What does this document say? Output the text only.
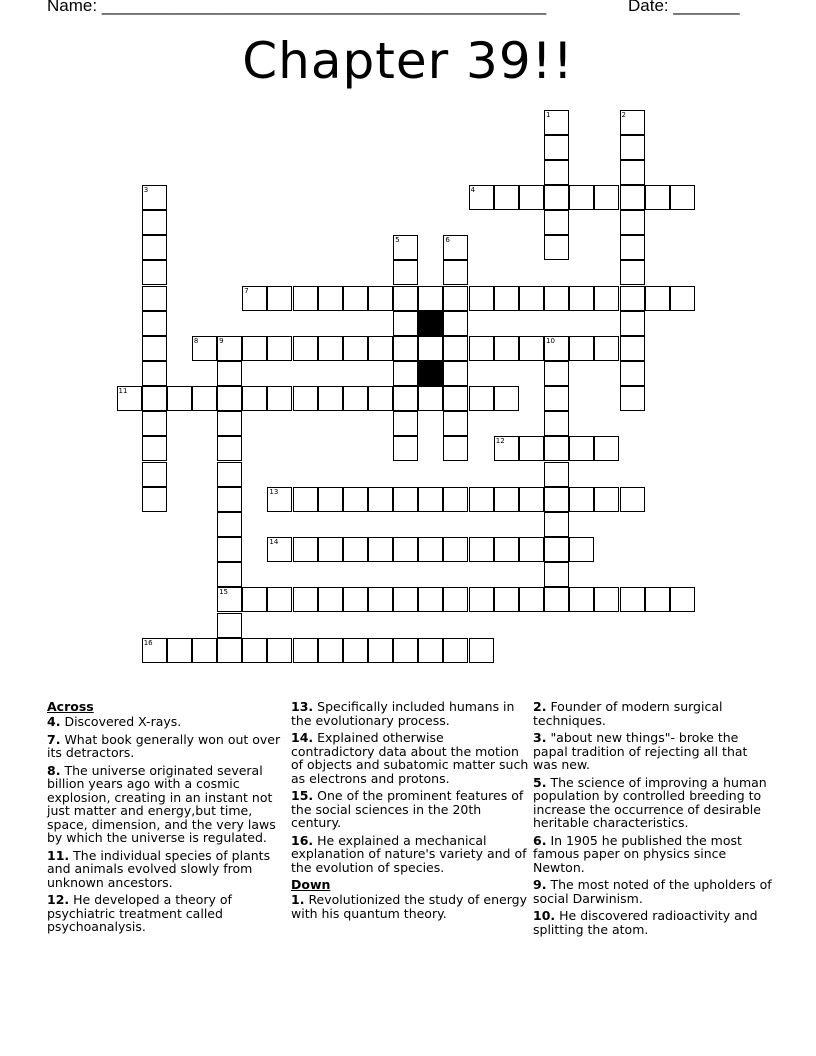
Name: _______________________________________________	Date: _______
Chapter 39!!
1	2
3	4
5	6
7
8	9	10
15
11
12
13
14
16
Across
4. Discovered X-rays.
7. What book generally won out over its detractors.
8. The universe originated several billion years ago with a cosmic explosion, creating in an instant not just matter and energy,but time, space, dimension, and the very laws by which the universe is regulated.
11. The individual species of plants and animals evolved slowly from unknown ancestors.
12. He developed a theory of psychiatric treatment called psychoanalysis.
13. Specifically included humans in the evolutionary process.
14. Explained otherwise contradictory data about the motion of objects and subatomic matter such as electrons and protons.
15. One of the prominent features of the social sciences in the 20th century.
16. He explained a mechanical explanation of nature's variety and of the evolution of species.
Down
1. Revolutionized the study of energy with his quantum theory.
2. Founder of modern surgical techniques.
3. "about new things"- broke the papal tradition of rejecting all that was new.
5. The science of improving a human population by controlled breeding to increase the occurrence of desirable heritable characteristics.
6. In 1905 he published the most famous paper on physics since Newton.
9. The most noted of the upholders of social Darwinism.
10. He discovered radioactivity and splitting the atom.
